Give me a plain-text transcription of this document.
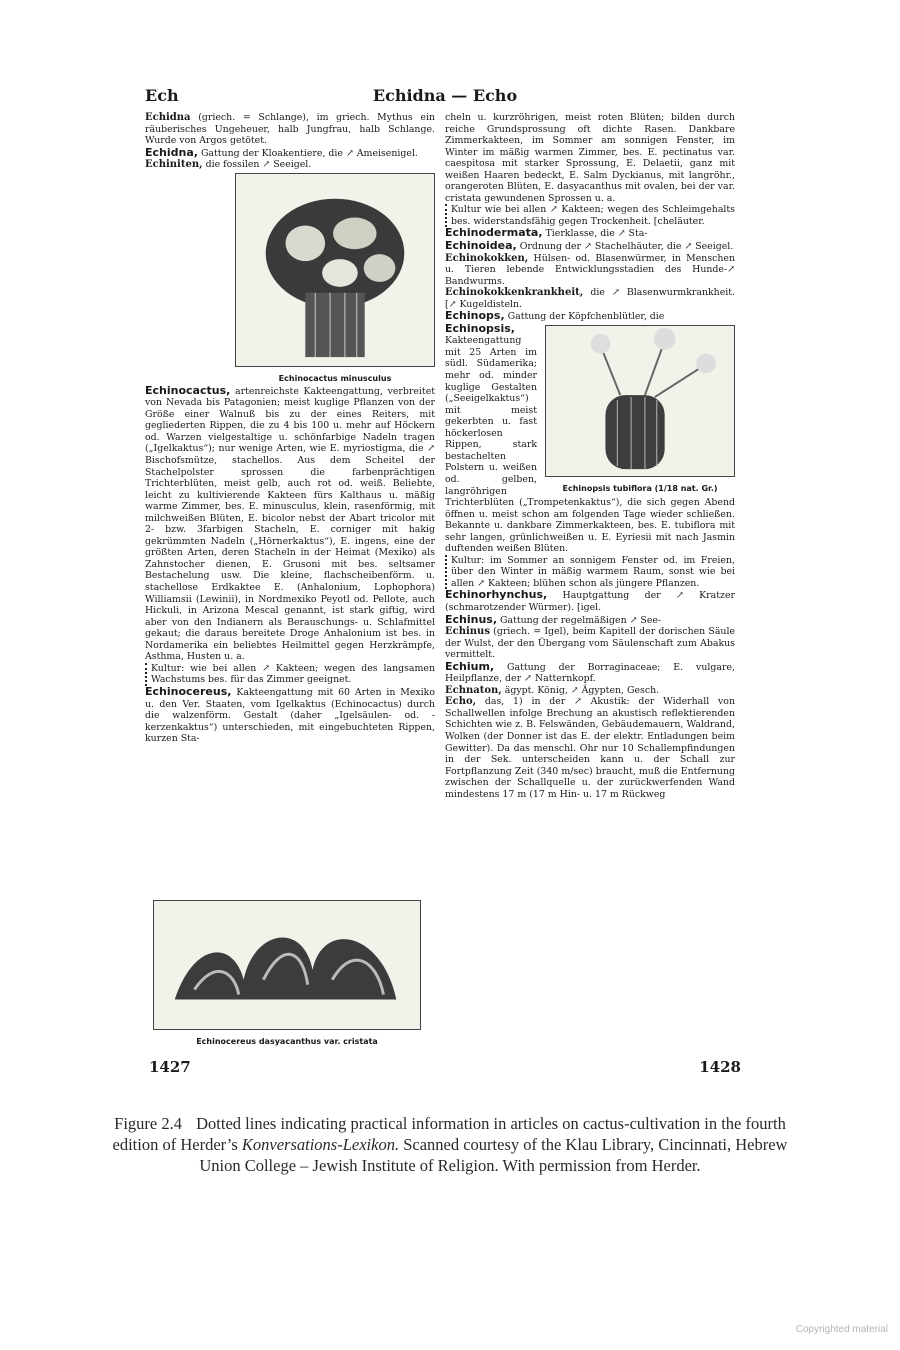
Echidna — Echo
Ech

Echidna (griech. = Schlange), im griech. Mythus ein räuberisches Ungeheuer, halb Jungfrau, halb Schlange. Wurde von Argos getötet.

Echidna, Gattung der Kloakentiere, die ↗ Ameisenigel.

Echiniten, die fossilen ↗ Seeigel.

Echinocactus minusculus

Echinocactus, artenreichste Kakteengattung, verbreitet von Nevada bis Patagonien; meist kuglige Pflanzen von der Größe einer Walnuß bis zu der eines Reiters, mit gegliederten Rippen, die zu 4 bis 100 u. mehr auf Höckern od. Warzen vielgestaltige u. schönfarbige Nadeln tragen („Igelkaktus“); nur wenige Arten, wie E. myriostigma, die ↗ Bischofsmütze, stachellos. Aus dem Scheitel der Stachelpolster sprossen die farbenprächtigen Trichterblüten, meist gelb, auch rot od. weiß. Beliebte, leicht zu kultivierende Kakteen fürs Kalthaus u. mäßig warme Zimmer, bes. E. minusculus, klein, rasenförmig, mit milchweißen Blüten, E. bicolor nebst der Abart tricolor mit 2- bzw. 3farbigen Stacheln, E. corniger mit hakig gekrümmten Nadeln („Hörnerkaktus“), E. ingens, eine der größten Arten, deren Stacheln in der Heimat (Mexiko) als Zahnstocher dienen, E. Grusoni mit bes. seltsamer Bestachelung usw. Die kleine, flachscheibenförm. u. stachellose Erdkaktee E. (Anhalonium, Lophophora) Williamsii (Lewinii), in Nordmexiko Peyotl od. Pellote, auch Hickuli, in Arizona Mescal genannt, ist stark giftig, wird aber von den Indianern als Berauschungs- u. Schlafmittel gekaut; die daraus bereitete Droge Anhalonium ist bes. in Nordamerika ein beliebtes Heilmittel gegen Herzkrämpfe, Asthma, Husten u. a.

Kultur: wie bei allen ↗ Kakteen; wegen des langsamen Wachstums bes. für das Zimmer geeignet.

Echinocereus, Kakteengattung mit 60 Arten in Mexiko u. den Ver. Staaten, vom Igelkaktus (Echinocactus) durch die walzenförm. Gestalt (daher „Igelsäulen- od. -kerzenkaktus“) unterschieden, mit eingebuchteten Rippen, kurzen Sta-

Echinocereus dasyacanthus var. cristata

cheln u. kurzröhrigen, meist roten Blüten; bilden durch reiche Grundsprossung oft dichte Rasen. Dankbare Zimmerkakteen, im Sommer am sonnigen Fenster, im Winter im mäßig warmen Zimmer, bes. E. pectinatus var. caespitosa mit starker Sprossung, E. Delaetii, ganz mit weißen Haaren bedeckt, E. Salm Dyckianus, mit langröhr., orangeroten Blüten, E. dasyacanthus mit ovalen, bei der var. cristata gewundenen Sprossen u. a.

Kultur wie bei allen ↗ Kakteen; wegen des Schleimgehalts bes. widerstandsfähig gegen Trockenheit. [cheläuter.

Echinodermata, Tierklasse, die ↗ Sta-

Echinoidea, Ordnung der ↗ Stachelhäuter, die ↗ Seeigel.

Echinokokken, Hülsen- od. Blasenwürmer, in Menschen u. Tieren lebende Entwicklungsstadien des Hunde-↗ Bandwurms.

Echinokokkenkrankheit, die ↗ Blasenwurmkrankheit. [↗ Kugeldisteln.

Echinops, Gattung der Köpfchenblütler, die

Echinopsis tubiflora (1/18 nat. Gr.)

Echinopsis, Kakteengattung mit 25 Arten im südl. Südamerika; mehr od. minder kuglige Gestalten („Seeigelkaktus“) mit meist gekerbten u. fast höckerlosen Rippen, stark bestachelten Polstern u. weißen od. gelben, langröhrigen Trichterblüten („Trompetenkaktus“), die sich gegen Abend öffnen u. meist schon am folgenden Tage wieder schließen. Bekannte u. dankbare Zimmerkakteen, bes. E. tubiflora mit sehr langen, grünlichweißen u. E. Eyriesii mit nach Jasmin duftenden weißen Blüten.

Kultur: im Sommer an sonnigem Fenster od. im Freien, über den Winter in mäßig warmem Raum, sonst wie bei allen ↗ Kakteen; blühen schon als jüngere Pflanzen.

Echinorhynchus, Hauptgattung der ↗ Kratzer (schmarotzender Würmer). [igel.

Echinus, Gattung der regelmäßigen ↗ See-

Echinus (griech. = Igel), beim Kapitell der dorischen Säule der Wulst, der den Übergang vom Säulenschaft zum Abakus vermittelt.

Echium, Gattung der Borraginaceae; E. vulgare, Heilpflanze, der ↗ Natternkopf.

Echnaton, ägypt. König, ↗ Ägypten, Gesch.

Echo, das, 1) in der ↗ Akustik: der Widerhall von Schallwellen infolge Brechung an akustisch reflektierenden Schichten wie z. B. Felswänden, Gebäudemauern, Waldrand, Wolken (der Donner ist das E. der elektr. Entladungen beim Gewitter). Da das menschl. Ohr nur 10 Schallempfindungen in der Sek. unterscheiden kann u. der Schall zur Fortpflanzung Zeit (340 m/sec) braucht, muß die Entfernung zwischen der Schallquelle u. der zurückwerfenden Wand mindestens 17 m (17 m Hin- u. 17 m Rückweg

1427	1428
Figure 2.4 Dotted lines indicating practical information in articles on cactus-cultivation in the fourth edition of Herder’s Konversations-Lexikon. Scanned courtesy of the Klau Library, Cincinnati, Hebrew Union College – Jewish Institute of Religion. With permission from Herder.
Copyrighted material
